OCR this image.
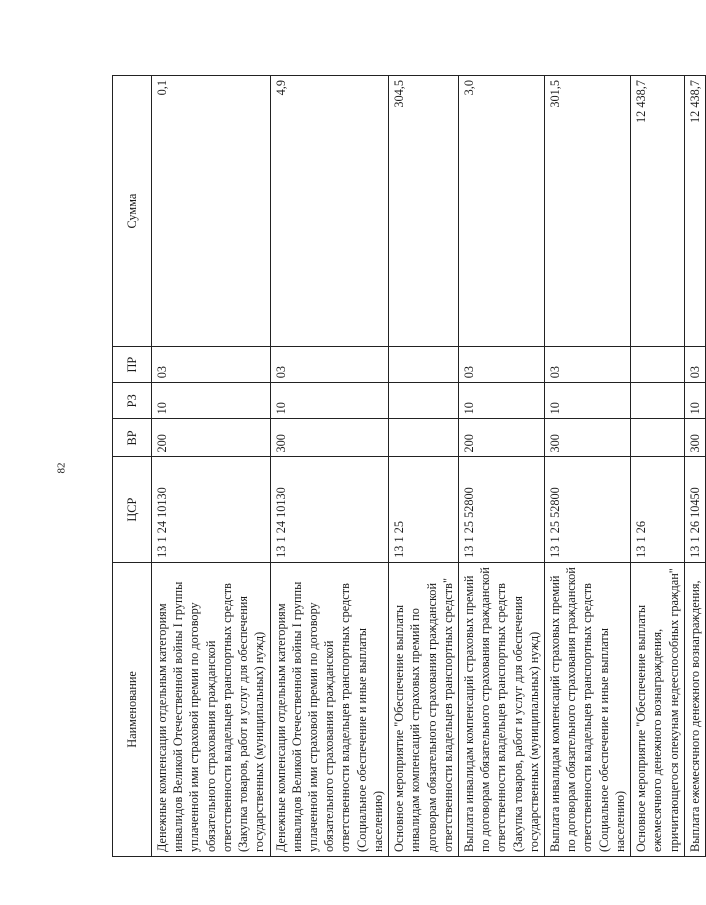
82
Наименование	ЦСР	ВР	РЗ	ПР	Сумма
Денежные компенсации отдельным категориям инвалидов Великой Отечественной войны I группы уплаченной ими страховой премии по договору обязательного страхования гражданской ответственности владельцев транспортных средств (Закупка товаров, работ и услуг для обеспечения государственных (муниципальных) нужд)	13 1 24 10130	200	10	03	0,1
Денежные компенсации отдельным категориям инвалидов Великой Отечественной войны I группы уплаченной ими страховой премии по договору обязательного страхования гражданской ответственности владельцев транспортных средств (Социальное обеспечение и иные выплаты населению)	13 1 24 10130	300	10	03	4,9
Основное мероприятие "Обеспечение выплаты инвалидам компенсаций страховых премий по договорам обязательного страхования гражданской ответственности владельцев транспортных средств"	13 1 25				304,5
Выплата инвалидам компенсаций страховых премий по договорам обязательного страхования гражданской ответственности владельцев транспортных средств (Закупка товаров, работ и услуг для обеспечения государственных (муниципальных) нужд)	13 1 25 52800	200	10	03	3,0
Выплата инвалидам компенсаций страховых премий по договорам обязательного страхования гражданской ответственности владельцев транспортных средств (Социальное обеспечение и иные выплаты населению)	13 1 25 52800	300	10	03	301,5
Основное мероприятие "Обеспечение выплаты ежемесячного денежного вознаграждения, причитающегося опекунам недееспособных граждан"	13 1 26				12 438,7
Выплата ежемесячного денежного вознаграждения,	13 1 26 10450	300	10	03	12 438,7
